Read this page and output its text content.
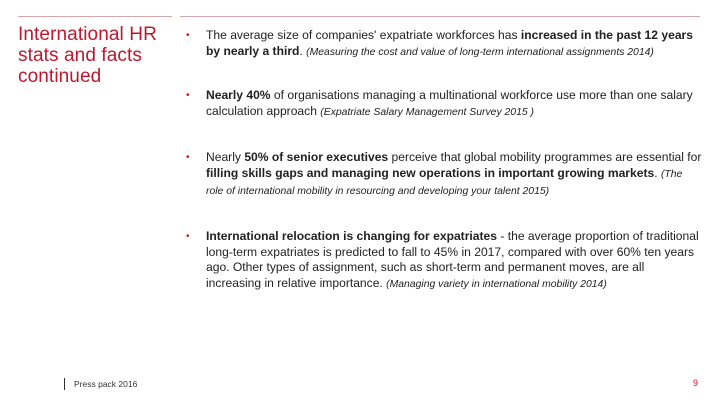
International HR stats and facts continued
• The average size of companies' expatriate workforces has increased in the past 12 years by nearly a third. (Measuring the cost and value of long-term international assignments 2014)
• Nearly 40% of organisations managing a multinational workforce use more than one salary calculation approach (Expatriate Salary Management Survey 2015 )
• Nearly 50% of senior executives perceive that global mobility programmes are essential for filling skills gaps and managing new operations in important growing markets. (The role of international mobility in resourcing and developing your talent 2015)
• International relocation is changing for expatriates - the average proportion of traditional long-term expatriates is predicted to fall to 45% in 2017, compared with over 60% ten years ago. Other types of assignment, such as short-term and permanent moves, are all increasing in relative importance. (Managing variety in international mobility 2014)
Press pack 2016	9
